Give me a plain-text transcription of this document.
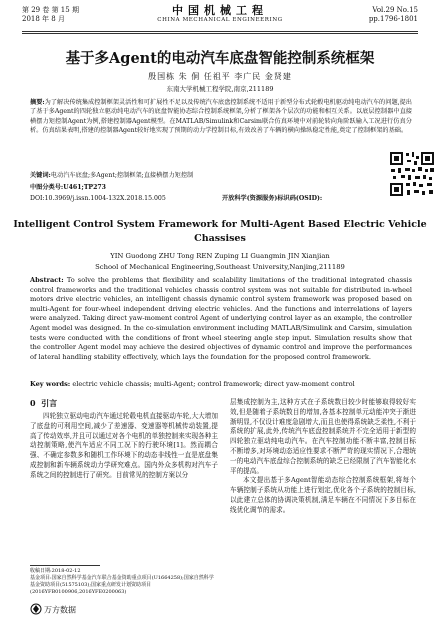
第 29 卷 第 15 期
2018 年 8 月
中国机械工程
CHINA MECHANICAL ENGINEERING
Vol.29 No.15
pp.1796-1801
基于多Agent的电动汽车底盘智能控制系统框架
殷国栋 朱 侗 任祖平 李广民 金贤建
东南大学机械工程学院,南京,211189
摘要:为了解决传统集成控制框架灵活性和可扩展性不足以及传统汽车底盘控制系统不适用于新型分布式轮毂电机驱动纯电动汽车的问题,提出了基于多Agent的四轮独立驱动纯电动汽车的底盘智能协态综合控制系统框架,分析了框架各个层次的功能和相互关系。以底层控制器中直接横摆力矩控制Agent为例,搭建控制器Agent模型。在MATLAB/Simulink和Carsim联合仿真环境中对前轮转向角阶跃输入工况进行仿真分析。仿真结果表明,搭建的控制器Agent较好地实现了预期的动力学控制目标,有效改善了车辆的横向操纵稳定性能,奠定了控制框架的基础。
关键词:电动汽车底盘;多Agent;控制框架;直接横摆力矩控制
中图分类号:U461;TP273
DOI:10.3969/j.issn.1004-132X.2018.15.005	开放科学(资源服务)标识码(OSID):
Intelligent Control System Framework for Multi-Agent Based Electric Vehicle Chassises
YIN Guodong ZHU Tong REN Zuping LI Guangmin JIN Xianjian
School of Mechanical Engineering,Southeast University,Nanjing,211189
Abstract: To solve the problems that flexibility and scalability limitations of the traditional integrated chassis control frameworks and the traditional vehicles chassis control system was not suitable for distributed in-wheel motors drive electric vehicles, an intelligent chassis dynamic control system framework was proposed based on multi-Agent for four-wheel independent driving electric vehicles. And the functions and interrelations of layers were analyzed. Taking direct yaw-moment control Agent of underlying control layer as an example, the controller Agent model was designed. In the co-simulation environment including MATLAB/Simulink and Carsim, simulation tests were conducted with the conditions of front wheel steering angle step input. Simulation results show that the controller Agent model may achieve the desired objectives of dynamic control and improve the performances of lateral handling stability effectively, which lays the foundation for the proposed control framework.
Key words: electric vehicle chassis; multi-Agent; control framework; direct yaw-moment control
0 引言
四轮独立驱动电动汽车通过轮毂电机直接驱动车轮,大大增加了底盘的可利用空间,减少了差速器、变速器等机械传动装置,提高了传动效率,并且可以通过对各个电机的单独控制来实现各种主动控制策略,使汽车适应不同工况下的行驶环境[1]。然而耦合强、不确定参数多和随机工作环境下的动态非线性一直是底盘集成控制和新车辆系统动力学研究难点。国内外众多机构对汽车子系统之间的控制进行了研究。目前常见的控制方案以分

层集成控制为主,这种方式在子系统数目较少时能够取得较好实效,但是随着子系统数目的增加,各基本控制单元动能冲突于渐进渐明显,不仅设计难度急剧增大,而且也使得系统缺乏柔性,不利于系统的扩展,此外,传统汽车底盘控制系统并不完全适用于新型的四轮独立驱动纯电动汽车。在汽车控制功能不断丰富,控制目标不断增多,对环境动态适应性要求不断严苛的现实情况下,合理统一的电动汽车底盘综合控制系统的缺乏已经限制了汽车智能化水平的提高。

本文提出基于多Agent智能动态综合控制系统框架,将每个车辆控制子系统从功能上进行划定,优化各个子系统的控制目标,以此建立总体的协调决策机制,满足车辆在不同情况下多目标在线优化调节的需求。

收稿日期:2018-02-12
基金项目:国家自然科学基金汽车联合基金资助重点项目(U1664258);国家自然科学基金资助项目(51575103);国家重点研发计划资助项目(2016YFB0100906,2016YFE0200063)
万方数据
